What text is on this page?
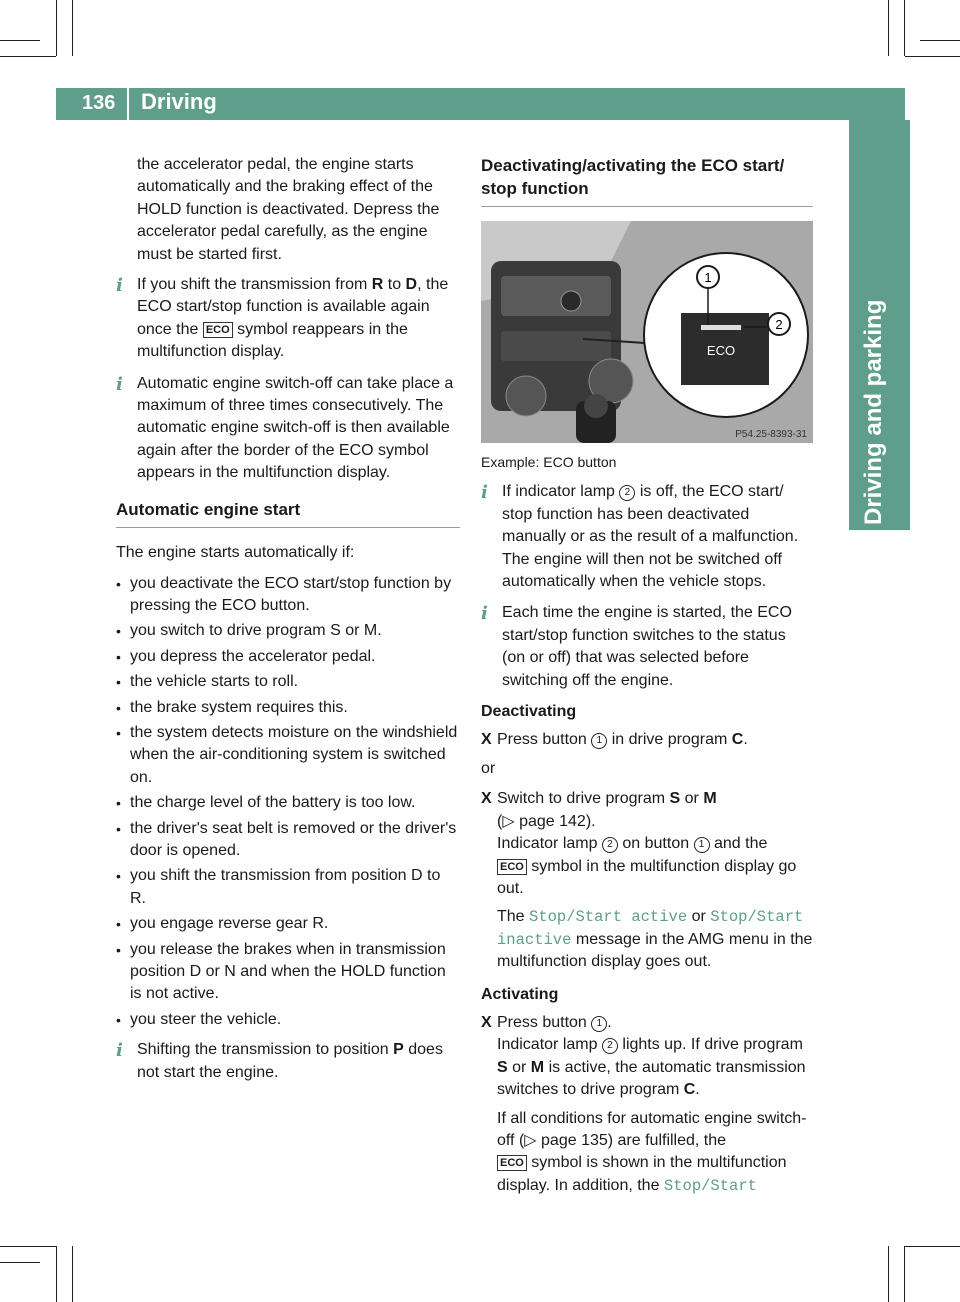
136	Driving
Driving and parking

the accelerator pedal, the engine starts automatically and the braking effect of the HOLD function is deactivated. Depress the accelerator pedal carefully, as the engine must be started first.

i If you shift the transmission from R to D, the ECO start/stop function is available again once the ECO symbol reappears in the multifunction display.
i Automatic engine switch-off can take place a maximum of three times consecutively. The automatic engine switch-off is then available again after the border of the ECO symbol appears in the multifunction display.
Automatic engine start

The engine starts automatically if:

• you deactivate the ECO start/stop function by pressing the ECO button.
• you switch to drive program S or M.
• you depress the accelerator pedal.
• the vehicle starts to roll.
• the brake system requires this.
• the system detects moisture on the windshield when the air-conditioning system is switched on.
• the charge level of the battery is too low.
• the driver's seat belt is removed or the driver's door is opened.
• you shift the transmission from position D to R.
• you engage reverse gear R.
• you release the brakes when in transmission position D or N and when the HOLD function is not active.
• you steer the vehicle.
i Shifting the transmission to position P does not start the engine.
Deactivating/activating the ECO start/ stop function
ECO
1
2
P54.25-8393-31

Example: ECO button

i If indicator lamp 2 is off, the ECO start/ stop function has been deactivated manually or as the result of a malfunction. The engine will then not be switched off automatically when the vehicle stops.
i Each time the engine is started, the ECO start/stop function switches to the status (on or off) that was selected before switching off the engine.

Deactivating

X Press button 1 in drive program C.

or

X Switch to drive program S or M
(▷ page 142).
Indicator lamp 2 on button 1 and the
ECO symbol in the multifunction display go out.

The Stop/Start active or Stop/Start inactive message in the AMG menu in the multifunction display goes out.

Activating

X Press button 1 .
Indicator lamp 2 lights up. If drive program S or M is active, the automatic transmission switches to drive program C.

If all conditions for automatic engine switch-off (▷ page 135) are fulfilled, the
ECO symbol is shown in the multifunction display. In addition, the Stop/Start
